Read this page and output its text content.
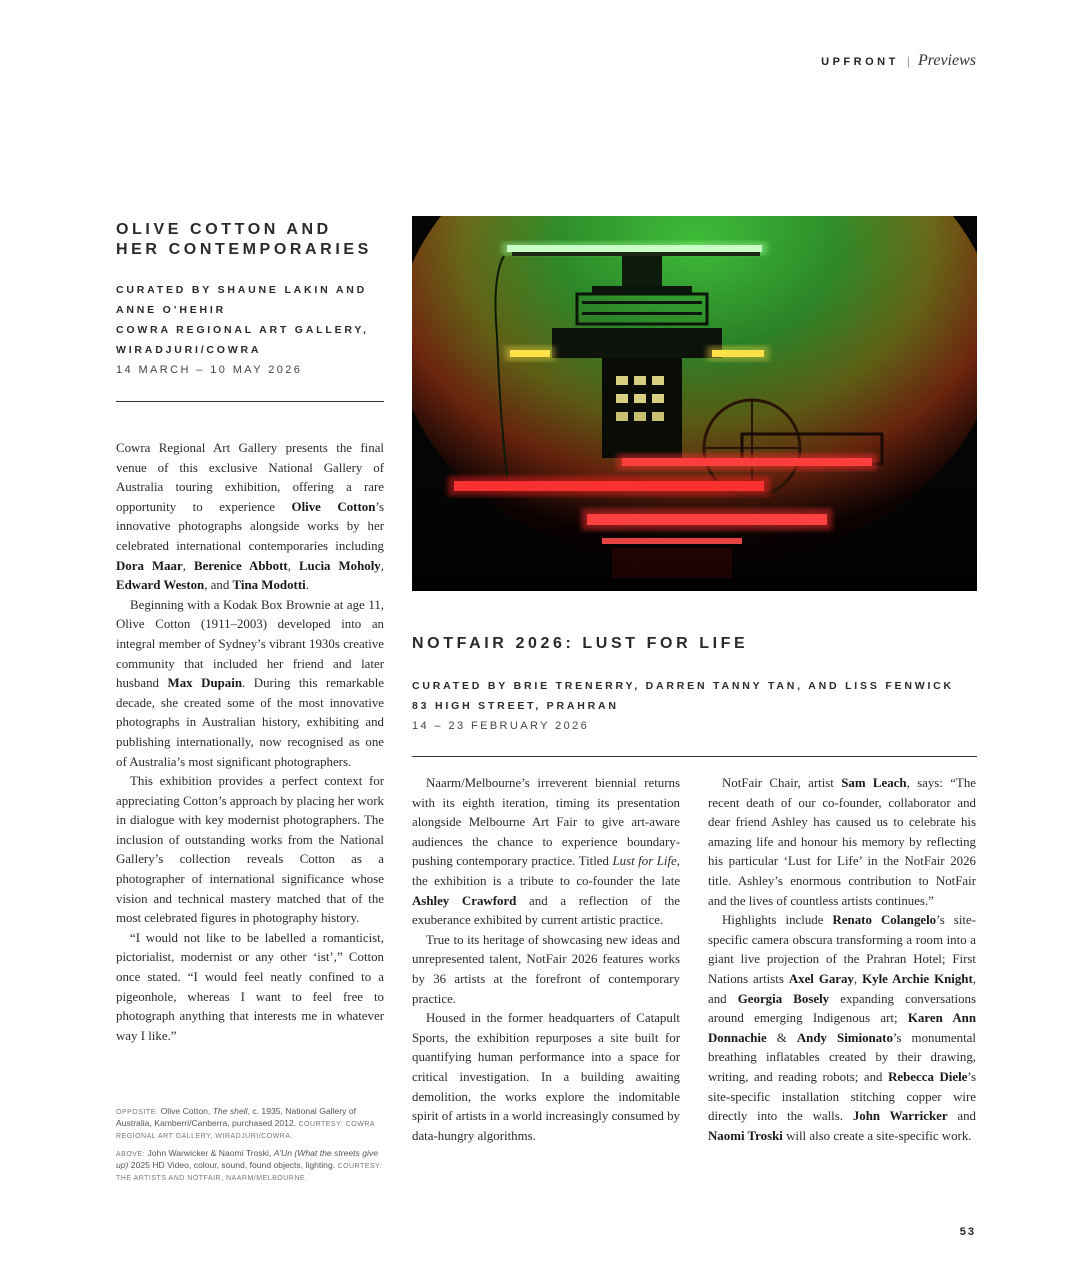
UPFRONT | Previews
OLIVE COTTON AND HER CONTEMPORARIES

CURATED BY SHAUNE LAKIN AND ANNE O’HEHIR

COWRA REGIONAL ART GALLERY, WIRADJURI/COWRA

14 MARCH – 10 MAY 2026

Cowra Regional Art Gallery presents the final venue of this exclusive National Gallery of Australia touring exhibition, offering a rare opportunity to experience Olive Cotton’s innovative photographs alongside works by her celebrated international contemporaries including Dora Maar, Berenice Abbott, Lucia Moholy, Edward Weston, and Tina Modotti.

Beginning with a Kodak Box Brownie at age 11, Olive Cotton (1911–2003) developed into an integral member of Sydney’s vibrant 1930s creative community that included her friend and later husband Max Dupain. During this remarkable decade, she created some of the most innovative photographs in Australian history, exhibiting and publishing internationally, now recognised as one of Australia’s most significant photographers.

This exhibition provides a perfect context for appreciating Cotton’s approach by placing her work in dialogue with key modernist photographers. The inclusion of outstanding works from the National Gallery’s collection reveals Cotton as a photographer of international significance whose vision and technical mastery matched that of the most celebrated figures in photography history.

“I would not like to be labelled a romanticist, pictorialist, modernist or any other ‘ist’,” Cotton once stated. “I would feel neatly confined to a pigeonhole, whereas I want to feel free to photograph anything that interests me in whatever way I like.”

OPPOSITE: Olive Cotton, The shell, c. 1935, National Gallery of Australia, Kamberri/Canberra, purchased 2012. COURTESY: COWRA REGIONAL ART GALLERY, WIRADJURI/COWRA.

ABOVE: John Warwicker & Naomi Troski, A’Un (What the streets give up) 2025 HD Video, colour, sound, found objects, lighting. COURTESY: THE ARTISTS AND NOTFAIR, NAARM/MELBOURNE.

NOTFAIR 2026: LUST FOR LIFE

CURATED BY BRIE TRENERRY, DARREN TANNY TAN, AND LISS FENWICK

83 HIGH STREET, PRAHRAN

14 – 23 FEBRUARY 2026

Naarm/Melbourne’s irreverent biennial returns with its eighth iteration, timing its presentation alongside Melbourne Art Fair to give art-aware audiences the chance to experience boundary-pushing contemporary practice. Titled Lust for Life, the exhibition is a tribute to co-founder the late Ashley Crawford and a reflection of the exuberance exhibited by current artistic practice.

True to its heritage of showcasing new ideas and unrepresented talent, NotFair 2026 features works by 36 artists at the forefront of contemporary practice.

Housed in the former headquarters of Catapult Sports, the exhibition repurposes a site built for quantifying human performance into a space for critical investigation. In a building awaiting demolition, the works explore the indomitable spirit of artists in a world increasingly consumed by data-hungry algorithms.

NotFair Chair, artist Sam Leach, says: “The recent death of our co-founder, collaborator and dear friend Ashley has caused us to celebrate his amazing life and honour his memory by reflecting his particular ‘Lust for Life’ in the NotFair 2026 title. Ashley’s enormous contribution to NotFair and the lives of countless artists continues.”

Highlights include Renato Colangelo’s site-specific camera obscura transforming a room into a giant live projection of the Prahran Hotel; First Nations artists Axel Garay, Kyle Archie Knight, and Georgia Bosely expanding conversations around emerging Indigenous art; Karen Ann Donnachie & Andy Simionato’s monumental breathing inflatables created by their drawing, writing, and reading robots; and Rebecca Diele’s site-specific installation stitching copper wire directly into the walls. John Warricker and Naomi Troski will also create a site-specific work.

53
